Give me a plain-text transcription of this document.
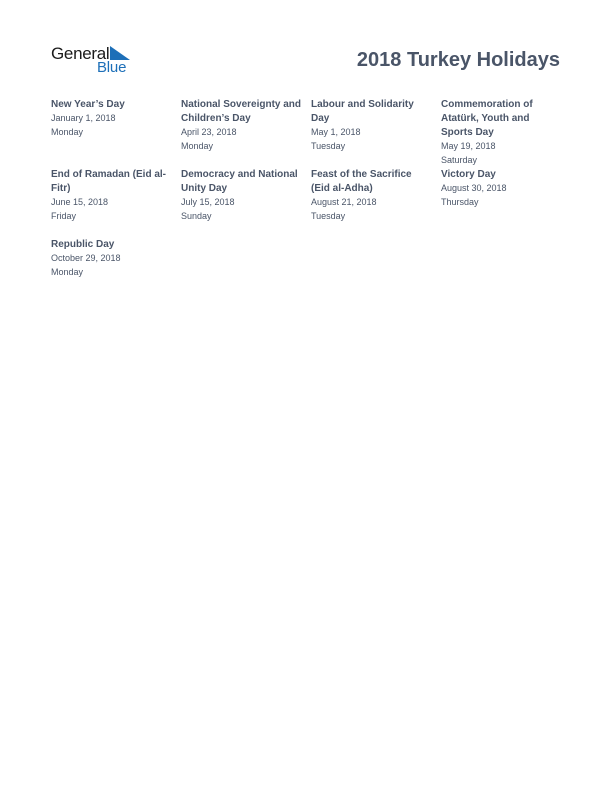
General
Blue	2018 Turkey Holidays
New Year’s Day
January 1, 2018
Monday
National Sovereignty and Children’s Day
April 23, 2018
Monday
Labour and Solidarity Day
May 1, 2018
Tuesday
Commemoration of Atatürk, Youth and Sports Day
May 19, 2018
Saturday
End of Ramadan (Eid al-Fitr)
June 15, 2018
Friday
Democracy and National Unity Day
July 15, 2018
Sunday
Feast of the Sacrifice (Eid al-Adha)
August 21, 2018
Tuesday
Victory Day
August 30, 2018
Thursday
Republic Day
October 29, 2018
Monday
